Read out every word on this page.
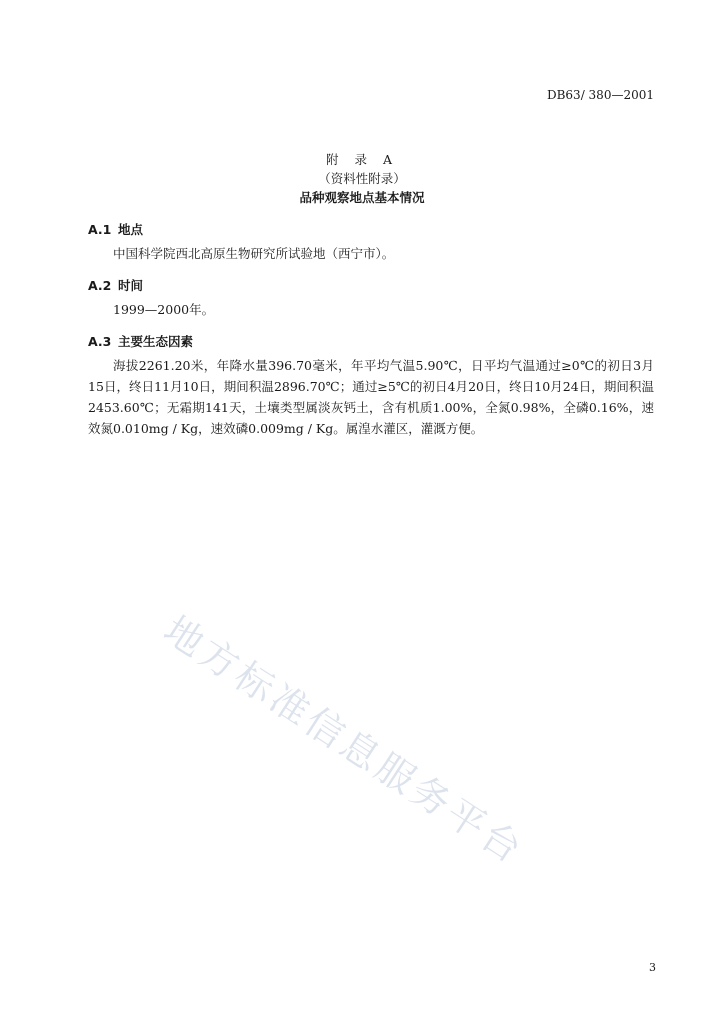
DB63/ 380—2001
附 录 A
（资料性附录）
品种观察地点基本情况
A.1 地点
中国科学院西北高原生物研究所试验地（西宁市）。
A.2 时间
1999—2000年。
A.3 主要生态因素
海拔2261.20米，年降水量396.70毫米，年平均气温5.90℃，日平均气温通过≥0℃的初日3月15日，终日11月10日，期间积温2896.70℃；通过≥5℃的初日4月20日，终日10月24日，期间积温2453.60℃；无霜期141天，土壤类型属淡灰钙土，含有机质1.00%，全氮0.98%，全磷0.16%，速效氮0.010mg / Kg，速效磷0.009mg / Kg。属湟水灌区，灌溉方便。
地方标准信息服务平台
3
